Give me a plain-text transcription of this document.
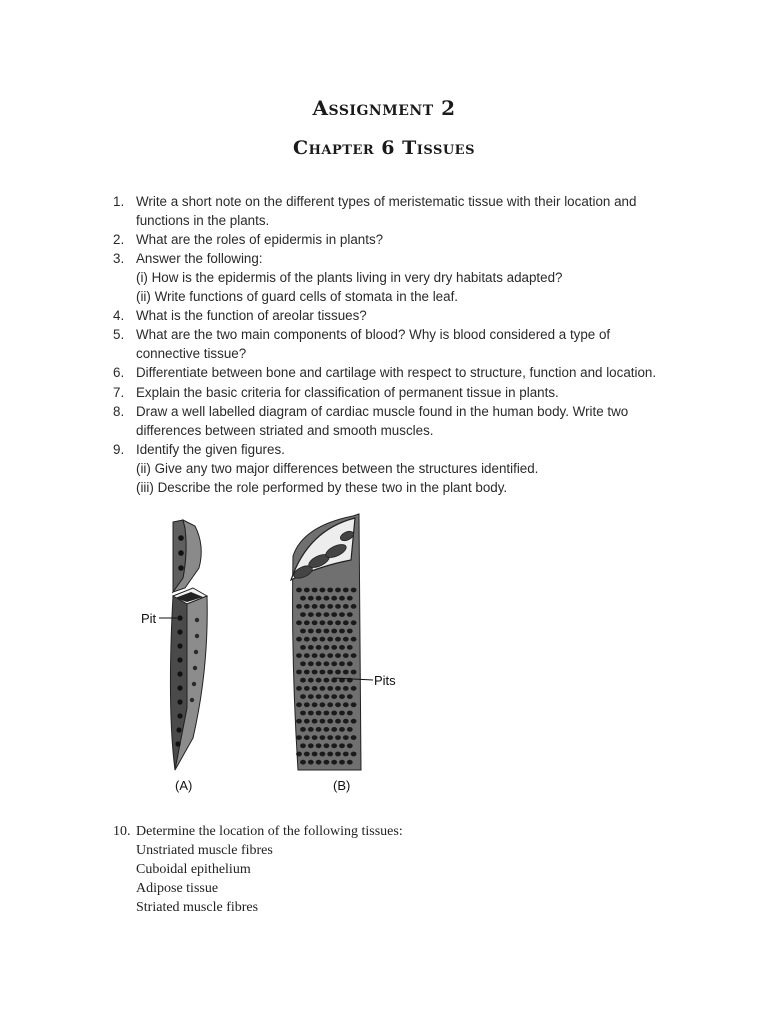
Assignment 2
Chapter 6 Tissues
1. Write a short note on the different types of meristematic tissue with their location and
functions in the plants.
2. What are the roles of epidermis in plants?
3. Answer the following:
(i) How is the epidermis of the plants living in very dry habitats adapted?
(ii) Write functions of guard cells of stomata in the leaf.
4. What is the function of areolar tissues?
5. What are the two main components of blood? Why is blood considered a type of
connective tissue?
6. Differentiate between bone and cartilage with respect to structure, function and location.
7. Explain the basic criteria for classification of permanent tissue in plants.
8. Draw a well labelled diagram of cardiac muscle found in the human body. Write two
differences between striated and smooth muscles.
9. Identify the given figures.
(ii) Give any two major differences between the structures identified.
(iii) Describe the role performed by these two in the plant body.
Pit
Pits
(A)	(B)
10. Determine the location of the following tissues:
Unstriated muscle fibres
Cuboidal epithelium
Adipose tissue
Striated muscle fibres
